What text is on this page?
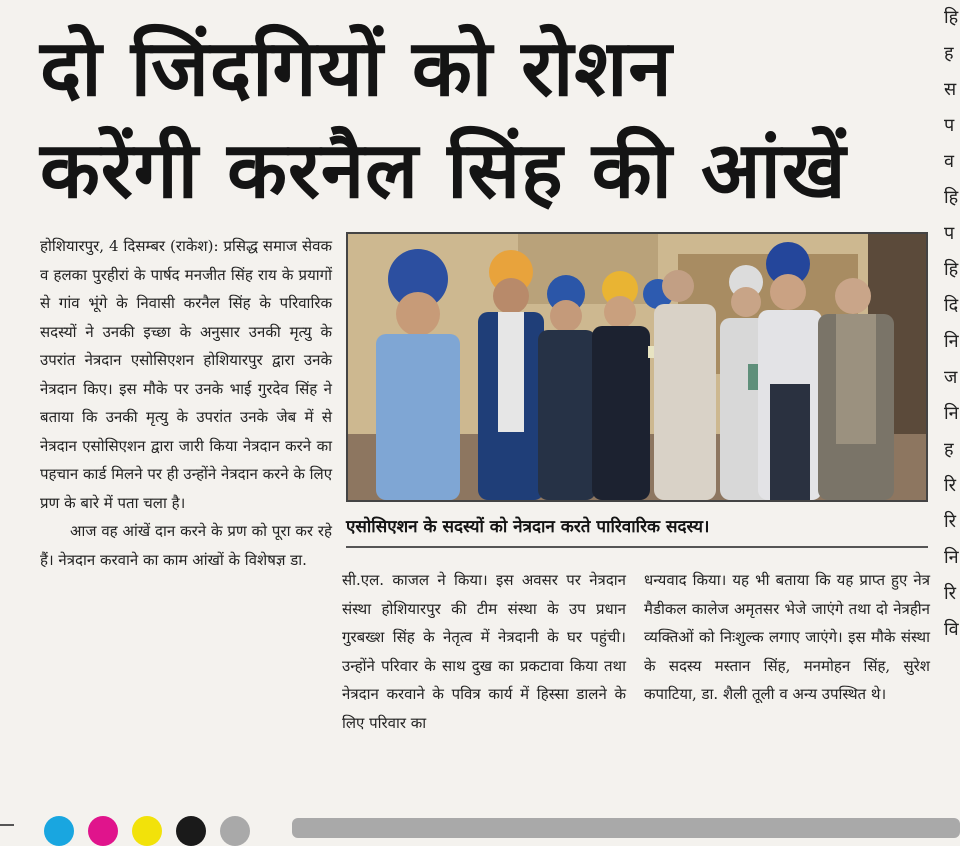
दो जिंदगियों को रोशन
करेंगी करनैल सिंह की आंखें
हि
ह
स
प
व
हि
प
हि
दि
नि
ज
नि
ह
रि
रि
नि
रि
वि

होशियारपुर, 4 दिसम्बर (राकेश): प्रसिद्ध समाज सेवक व हलका पुरहीरां के पार्षद मनजीत सिंह राय के प्रयागों से गांव भूंगे के निवासी करनैल सिंह के परिवारिक सदस्यों ने उनकी इच्छा के अनुसार उनकी मृत्यु के उपरांत नेत्रदान एसोसिएशन होशियारपुर द्वारा उनके नेत्रदान किए। इस मौके पर उनके भाई गुरदेव सिंह ने बताया कि उनकी मृत्यु के उपरांत उनके जेब में से नेत्रदान एसोसिएशन द्वारा जारी किया नेत्रदान करने का पहचान कार्ड मिलने पर ही उन्होंने नेत्रदान करने के लिए प्रण के बारे में पता चला है।

आज वह आंखें दान करने के प्रण को पूरा कर रहे हैं। नेत्रदान करवाने का काम आंखों के विशेषज्ञ डा.

एसोसिएशन के सदस्यों को नेत्रदान करते पारिवारिक सदस्य।

सी.एल. काजल ने किया। इस अवसर पर नेत्रदान संस्था होशियारपुर की टीम संस्था के उप प्रधान गुरबख्श सिंह के नेतृत्व में नेत्रदानी के घर पहुंची। उन्होंने परिवार के साथ दुख का प्रकटावा किया तथा नेत्रदान करवाने के पवित्र कार्य में हिस्सा डालने के लिए परिवार का

धन्यवाद किया। यह भी बताया कि यह प्राप्त हुए नेत्र मैडीकल कालेज अमृतसर भेजे जाएंगे तथा दो नेत्रहीन व्यक्तिओं को निःशुल्क लगाए जाएंगे। इस मौके संस्था के सदस्य मस्तान सिंह, मनमोहन सिंह, सुरेश कपाटिया, डा. शैली तूली व अन्य उपस्थित थे।
